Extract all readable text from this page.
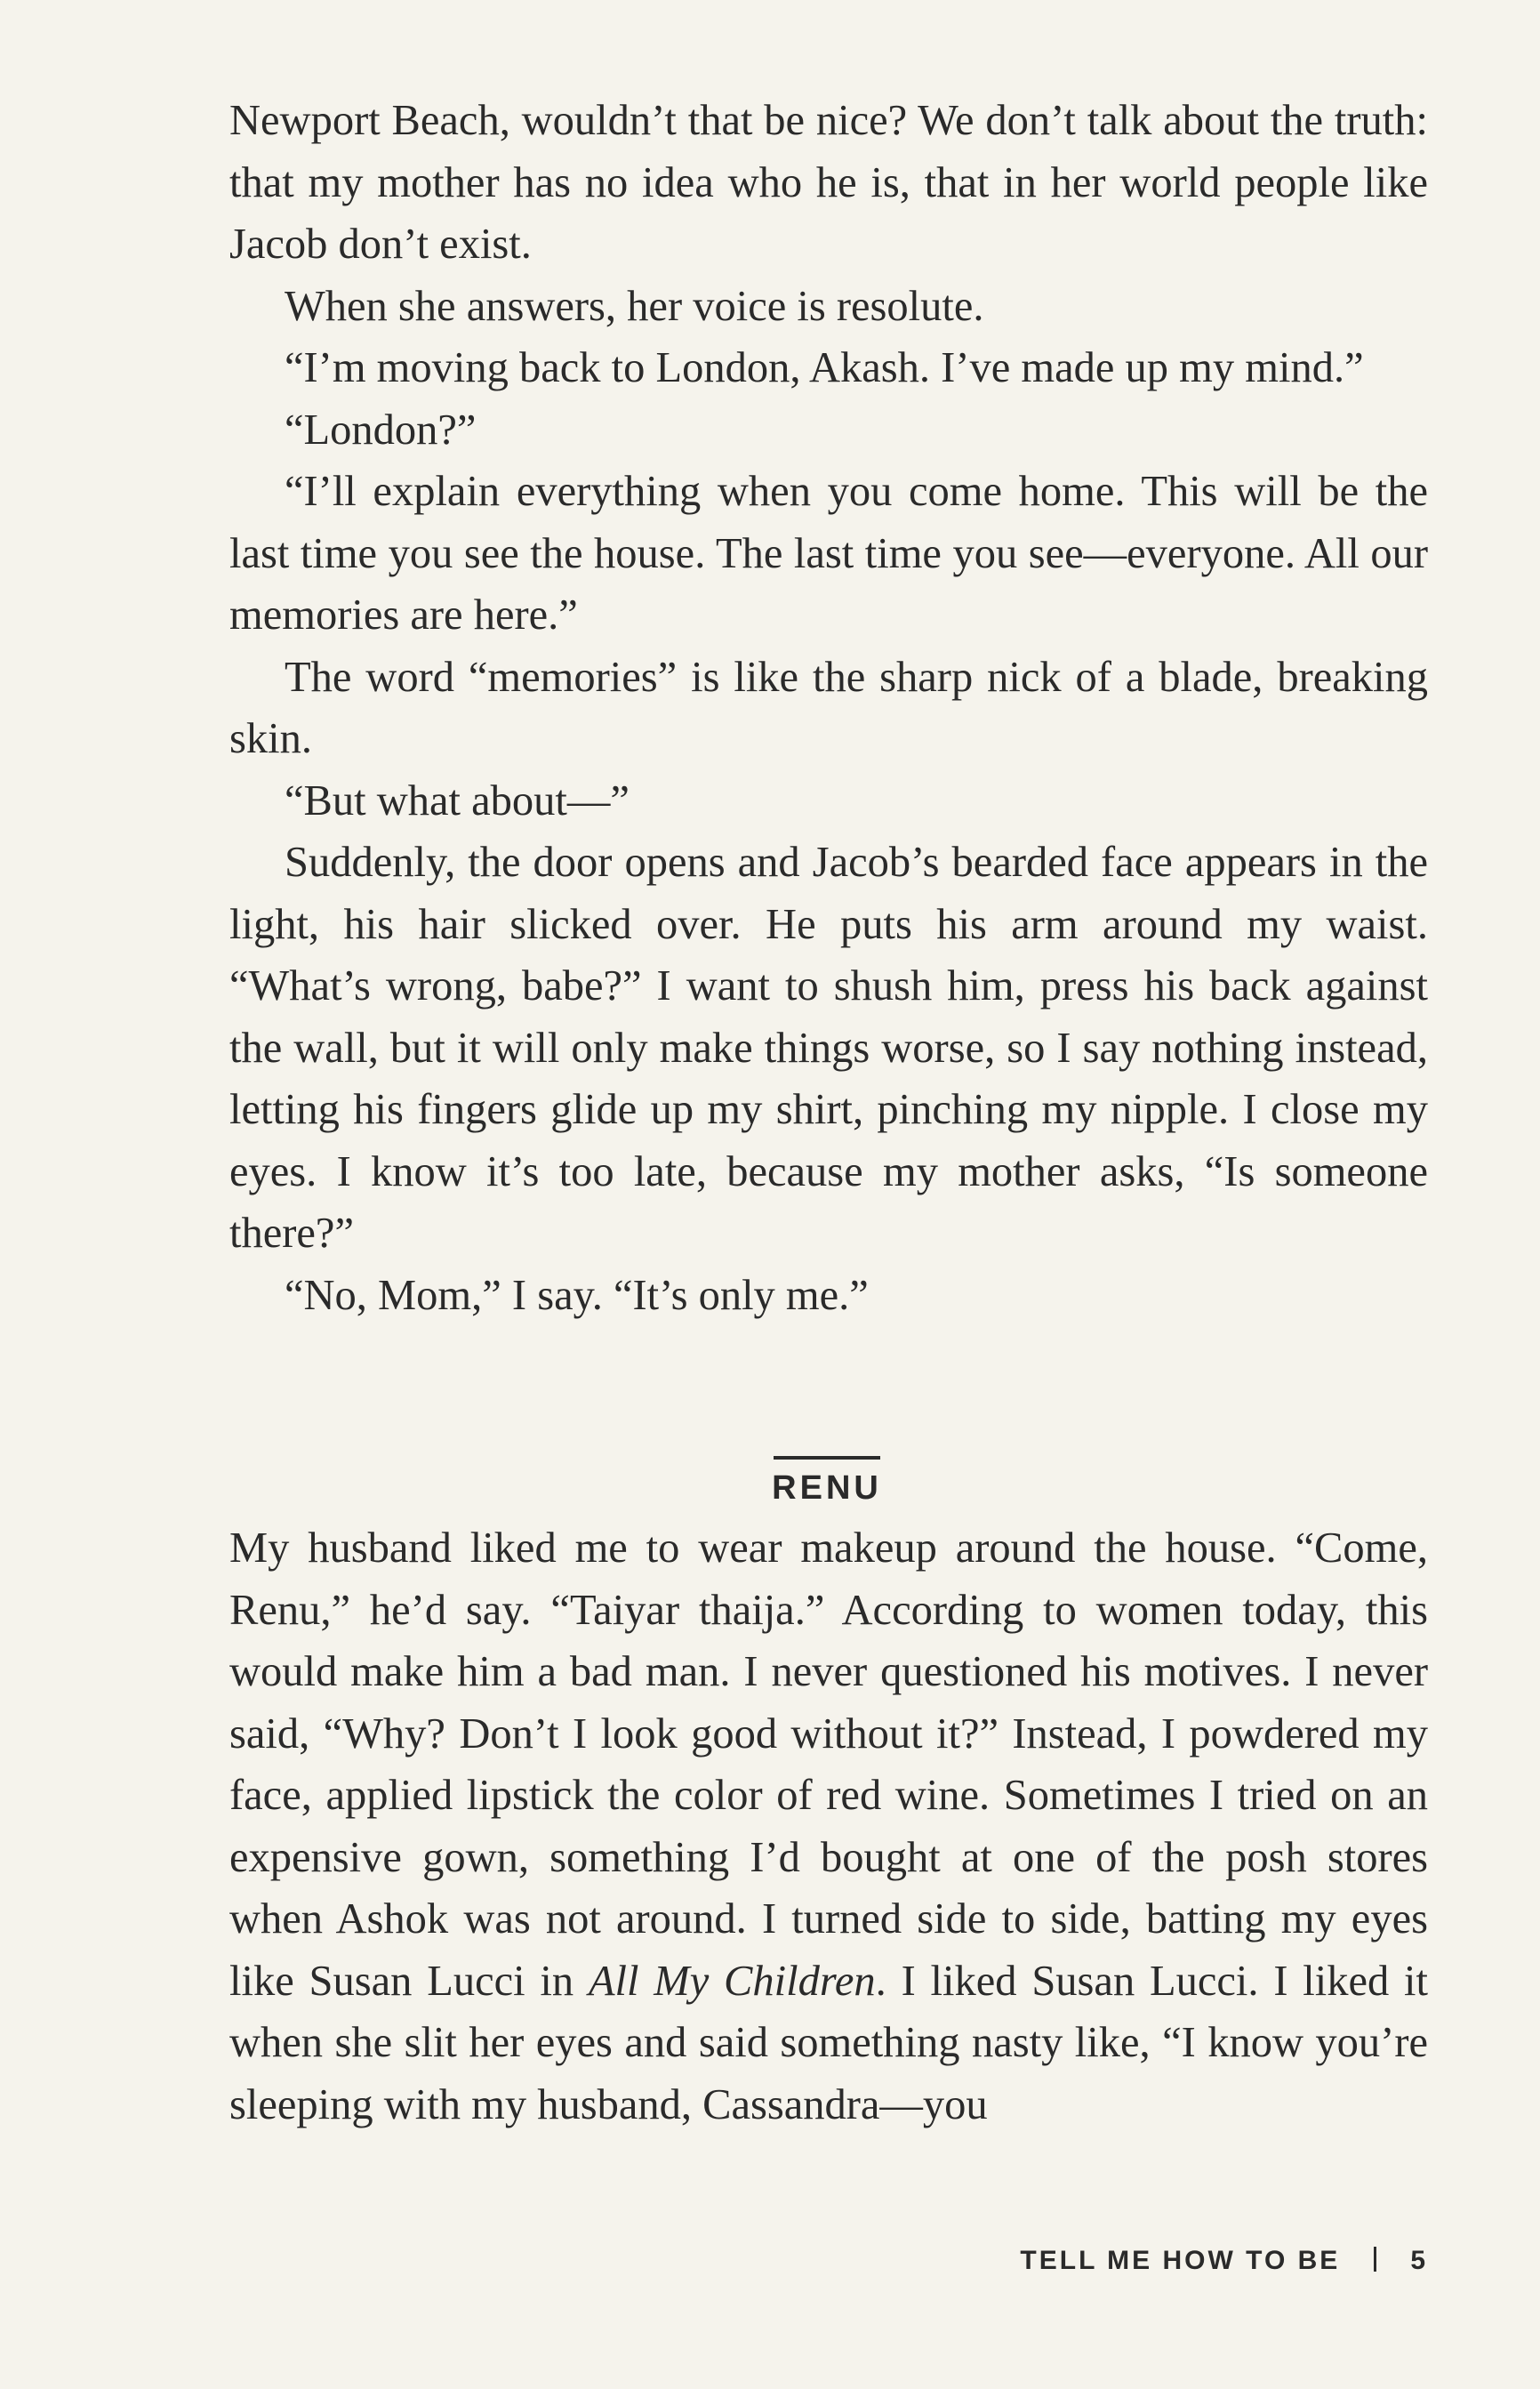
Newport Beach, wouldn’t that be nice? We don’t talk about the truth: that my mother has no idea who he is, that in her world people like Jacob don’t exist.

When she answers, her voice is resolute.

“I’m moving back to London, Akash. I’ve made up my mind.”

“London?”

“I’ll explain everything when you come home. This will be the last time you see the house. The last time you see—everyone. All our memories are here.”

The word “memories” is like the sharp nick of a blade, breaking skin.

“But what about—”

Suddenly, the door opens and Jacob’s bearded face appears in the light, his hair slicked over. He puts his arm around my waist. “What’s wrong, babe?” I want to shush him, press his back against the wall, but it will only make things worse, so I say nothing instead, letting his fingers glide up my shirt, pinching my nipple. I close my eyes. I know it’s too late, because my mother asks, “Is someone there?”

“No, Mom,” I say. “It’s only me.”

RENU

My husband liked me to wear makeup around the house. “Come, Renu,” he’d say. “Taiyar thaija.” According to women today, this would make him a bad man. I never questioned his motives. I never said, “Why? Don’t I look good without it?” Instead, I powdered my face, applied lipstick the color of red wine. Sometimes I tried on an expensive gown, something I’d bought at one of the posh stores when Ashok was not around. I turned side to side, batting my eyes like Susan Lucci in All My Children. I liked Susan Lucci. I liked it when she slit her eyes and said something nasty like, “I know you’re sleeping with my husband, Cassandra—you

TELL ME HOW TO BE	5
